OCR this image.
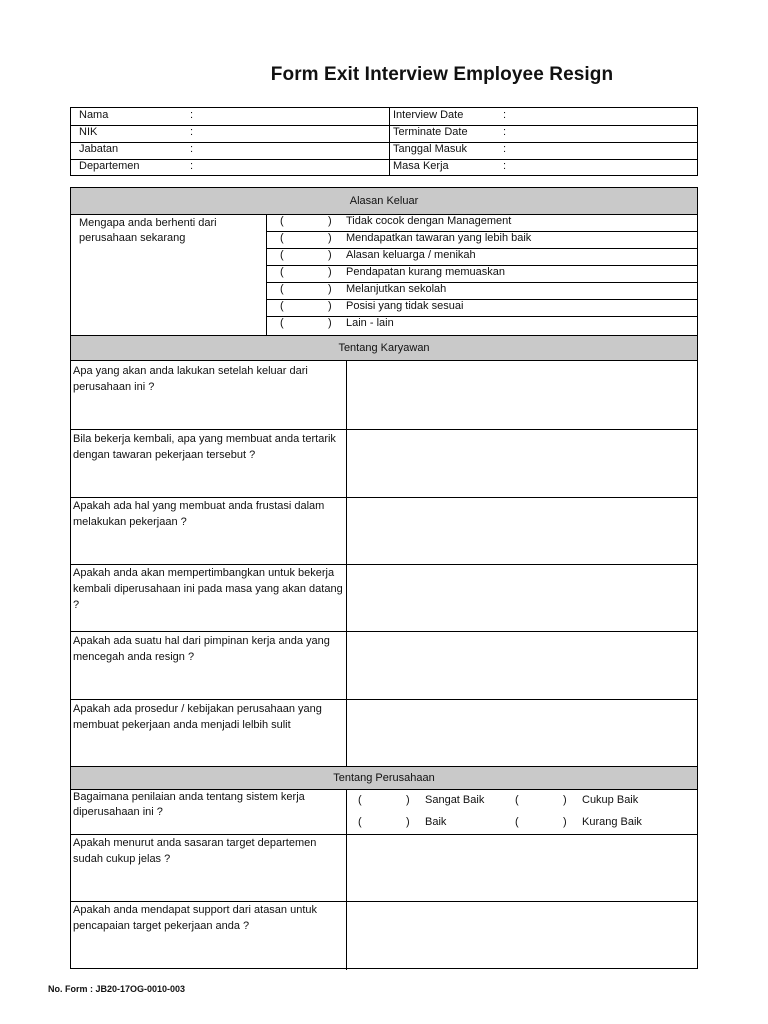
Form Exit Interview Employee Resign
Nama	:	Interview Date	:
NIK	:	Terminate Date	:
Jabatan	:	Tanggal Masuk	:
Departemen	:	Masa Kerja	:
Alasan Keluar
Mengapa anda berhenti dari perusahaan sekarang
(	) Tidak cocok dengan Management
(	) Mendapatkan tawaran yang lebih baik
(	) Alasan keluarga / menikah
(	) Pendapatan kurang memuaskan
(	) Melanjutkan sekolah
(	) Posisi yang tidak sesuai
(	) Lain - lain
Tentang Karyawan
Apa yang akan anda lakukan setelah keluar dari perusahaan ini ?
Bila bekerja kembali, apa yang membuat anda tertarik dengan tawaran pekerjaan tersebut ?
Apakah ada hal yang membuat anda frustasi dalam melakukan pekerjaan ?
Apakah anda akan mempertimbangkan untuk bekerja kembali diperusahaan ini pada masa yang akan datang ?
Apakah ada suatu hal dari pimpinan kerja anda yang mencegah anda resign ?
Apakah ada prosedur / kebijakan perusahaan yang membuat pekerjaan anda menjadi lelbih sulit
Tentang Perusahaan
Bagaimana penilaian anda tentang sistem kerja diperusahaan ini ?
(	) Sangat Baik	(	) Cukup Baik
(	) Baik	(	) Kurang Baik
Apakah menurut anda sasaran target departemen sudah cukup jelas ?
Apakah anda mendapat support dari atasan untuk pencapaian target pekerjaan anda ?
No. Form : JB20-17OG-0010-003
